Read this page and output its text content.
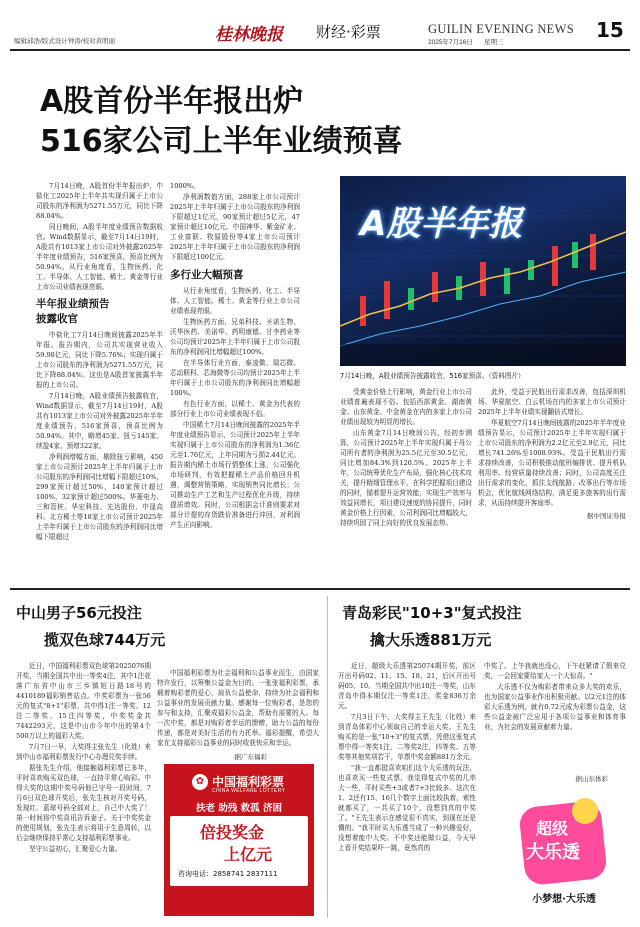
编辑邱浩/版式设计钟涛/校对黄明丽	桂林晚报 财经·彩票	GUILIN EVENING NEWS
2025年7月16日 星期三
15
A股首份半年报出炉
516家公司上半年业绩预喜

7月14日晚，A股首份半年报出炉，中盐化工2025年上半年共实现归属于上市公司股东的净利润为5271.55万元，同比下降88.04%。

同日晚间，A股半年度业绩预告数据收官。Wind数据显示，截至7月14日19时，A股共有1013家上市公司对外披露2025年半年度业绩预告，516家预喜，预喜比例为50.94%。从行业角度看，生物医药、化工、半导体、人工智能、稀土、黄金等行业上市公司业绩表现亮眼。

半年报业绩预告
披露收官

中盐化工7月14日晚间披露2025年半年报。报告期内，公司共实现营业收入59.98亿元，同比下降5.76%；实现归属于上市公司股东的净利润为5271.55万元，同比下降88.04%。这也是A股首家披露半年报的上市公司。

7月14日晚，A股业绩预告披露收官，Wind数据显示，截至7月14日19时，A股共有1013家上市公司对外披露2025年半年度业绩预告，516家预喜，预喜比例为50.94%。其中，略增45家、扭亏145家、续盈4家、预增322家。

净利润增幅方面，剔除扭亏影响，450家上市公司预计2025年上半年归属于上市公司股东的净利润同比增幅下限超过10%，299家预计超过50%，140家预计超过100%，32家预计超过500%。华菱电力、三和管桩、华宏科技、先达股份、中晟高科、北方稀土等18家上市公司预计2025年上半年归属于上市公司股东的净利润同比增幅下限超过

1000%。

净利润数值方面，288家上市公司预计2025年上半年归属于上市公司股东的净利润下限超过1亿元，90家预计超过5亿元，47家预计超过10亿元。中国神华、紫金矿业、工业富联、牧原股份等4家上市公司预计2025年上半年归属于上市公司股东的净利润下限超过100亿元。

多行业大幅预喜

从行业角度看，生物医药、化工、半导体、人工智能、稀土、黄金等行业上市公司业绩表现亮眼。

生物医药方面，兄弟科技、圣诺生物、沃华医药、美诺华、药明康德、甘李药业等公司均预计2025年上半年归属于上市公司股东的净利润同比增幅超过100%。

在半导体行业方面，泰凌微、瑞芯微、芯动联科、芯海微等公司均预计2025年上半年归属于上市公司股东的净利润同比增幅超100%。

有色行业方面，以稀土、黄金为代表的部分行业上市公司业绩表现不俗。

中国稀土7月14日晚间披露的2025年半年度业绩预告显示，公司预计2025年上半年实现归属于上市公司股东的净利润为1.36亿元至1.76亿元，上年同期为亏损2.44亿元。报告期内稀土市场行情整体上涨，公司强化市场研判，有效把握稀土产品价格回升机遇，调整营销策略，实现销售同比增长；公司推动生产工艺和生产过程优化升级，持续提质增效。同时，公司根据会计准则要求对部分计提的存货跌价准备进行冲回，对利润产生正向影响。

A股半年报
7月14日晚，A股业绩预告披露收官，516家预喜。（资料图片）

受黄金价格上行影响，黄金行业上市公司业绩普遍表现不俗。包括西部黄金、湖南黄金、山东黄金、中金黄金在内的多家上市公司业绩出现较为明显的增长。

山东黄金7月14日晚间公告，经初步测算，公司预计2025年上半年实现归属于母公司所有者的净利润为25.5亿元至30.5亿元，同比增加84.3%到120.5%。2025年上半年，公司统筹优化生产布局，强化核心技术攻关，提升精细管理水平，在科学把握项目建设的同时，锚着提升运营效能，实现生产效率与效益同增长，项目建设速度的协同提升，同时黄金价格上行因素，公司利润同比增幅较大，持续巩固了同上向好的优良发展态势。

此外，受益于民航出行需求改善，包括深圳机场、华夏航空、白云机场在内的多家上市公司预计2025年上半年业绩实现翻倍式增长。

华夏航空7月14日晚间披露的2025年半年度业绩预告显示，公司预计2025年上半年实现归属于上市公司股东的净利润为2.2亿元至2.9亿元，同比增长741.26%至1008.93%。受益于民航出行需求持续改善，公司积极推动航班编排优、提升机队利用率、经营质量持续改善；同时，公司高度关注出行需求的变化，抓住支线航路、改事出行等市场机会，优化航线网络结构，满足更多旅客的出行需求，从而持续提升客座率。

据中国证券报
中山男子56元投注
揽双色球744万元

近日，中国福利彩票双色球第2025076期开奖，当期全国共中出一等奖4注，其中1注花落广东省中山市三乡镇旭日路18号的4410189福彩销售站点。中奖彩票为一张56元的复式"8+1"彩票，共中得1注一等奖、12注二等奖、15注四等奖，中奖奖金共7442293元，这是中山市今年中出的第4个500万以上的福彩大奖。

7月7日一早，大奖得主张先生（化姓）来到中山市福利彩票发行中心办理兑奖手续。

据张先生介绍，他接触福利彩票已多年，平时喜欢购买双色球，一直持平常心购彩。中得大奖的这期中奖号码他已守号一段时间，7月6日双色球开奖后，张先生核对开奖号码，发现红、蓝球号码全部对上，自己中大奖了！第一时间将中奖喜讯告诉妻子。关于中奖奖金的使用规划，张先生表示将用于生意周转，以后会继续保持平常心支持福利彩票事业。

坚守公益初心，汇聚爱心力量。

中国福利彩票为社会福利和公益事业而生，由国家特许发行，以筹集公益金为目的。一张张福利彩票，承载着购彩者的爱心，肩负公益使命，持续为社会福利和公益事业的发展贡献力量。感谢每一位购彩者，是您的参与和支持，汇聚成福彩公益金，帮助有需要的人。每一次中奖，都是对购彩者幸运的馈赠，助力公益的每份传递，都是对美好生活的有力托举。福彩提醒，希望大家在支持福彩公益事业的同时收获快乐和幸运。

据广东福彩
✿ 中国福利彩票
CHINA WELFARE LOTTERY
扶老 助残 救孤 济困
倍投奖金
上亿元
咨询电话：2858741 2837111
青岛彩民"10+3"复式投注
擒大乐透881万元

近日，超级大乐透第25074期开奖，前区开出号码02、11、15、18、21，后区开出号码05、10。当期全国共中出10注一等奖，山东青岛中得本期仅注一等奖1注，奖金836万余元。

7月3日下午，大奖得主王先生（化姓）来到青岛体彩中心领取自己的幸运大奖。王先生购买的是一张"10+3"的复式票，凭借这张复式票中得一等奖1注，二等奖2注，四等奖、五等奖等其他奖项若干，单票中奖金额881万余元。

"我一直都挺喜欢咱们这个大乐透的玩法，也喜欢买一些复式票，我觉得复式中奖的几率大一些，平时买些+3或者7+3比较多。这次在1、2还有15、16几个数字上面比较执着，索性就都买了，一共买了10个，没想到真的中奖了。"王先生表示在感觉很不真实，到现在还是懵的。"我平时买大乐透当成了一种兴趣爱好，没想着能中大奖。不中奖还能做公益，今天早上看开奖结果吓一跳，竟然真的

中奖了。上午我就也没心，下午赶紧请了假来兑奖，一会回家要给家人一个大惊喜。"

大乐透不仅为购彩者带来众多大奖的欢乐，也为国家公益事业作出积极贡献。以2元1注的体彩大乐透为例，就有0.72元成为彩票公益金，这些公益金被广泛应用于各项公益事业和体育事业，为社会的发展贡献着力量。

据山东体彩
超级
大乐透
小梦想·大乐透
